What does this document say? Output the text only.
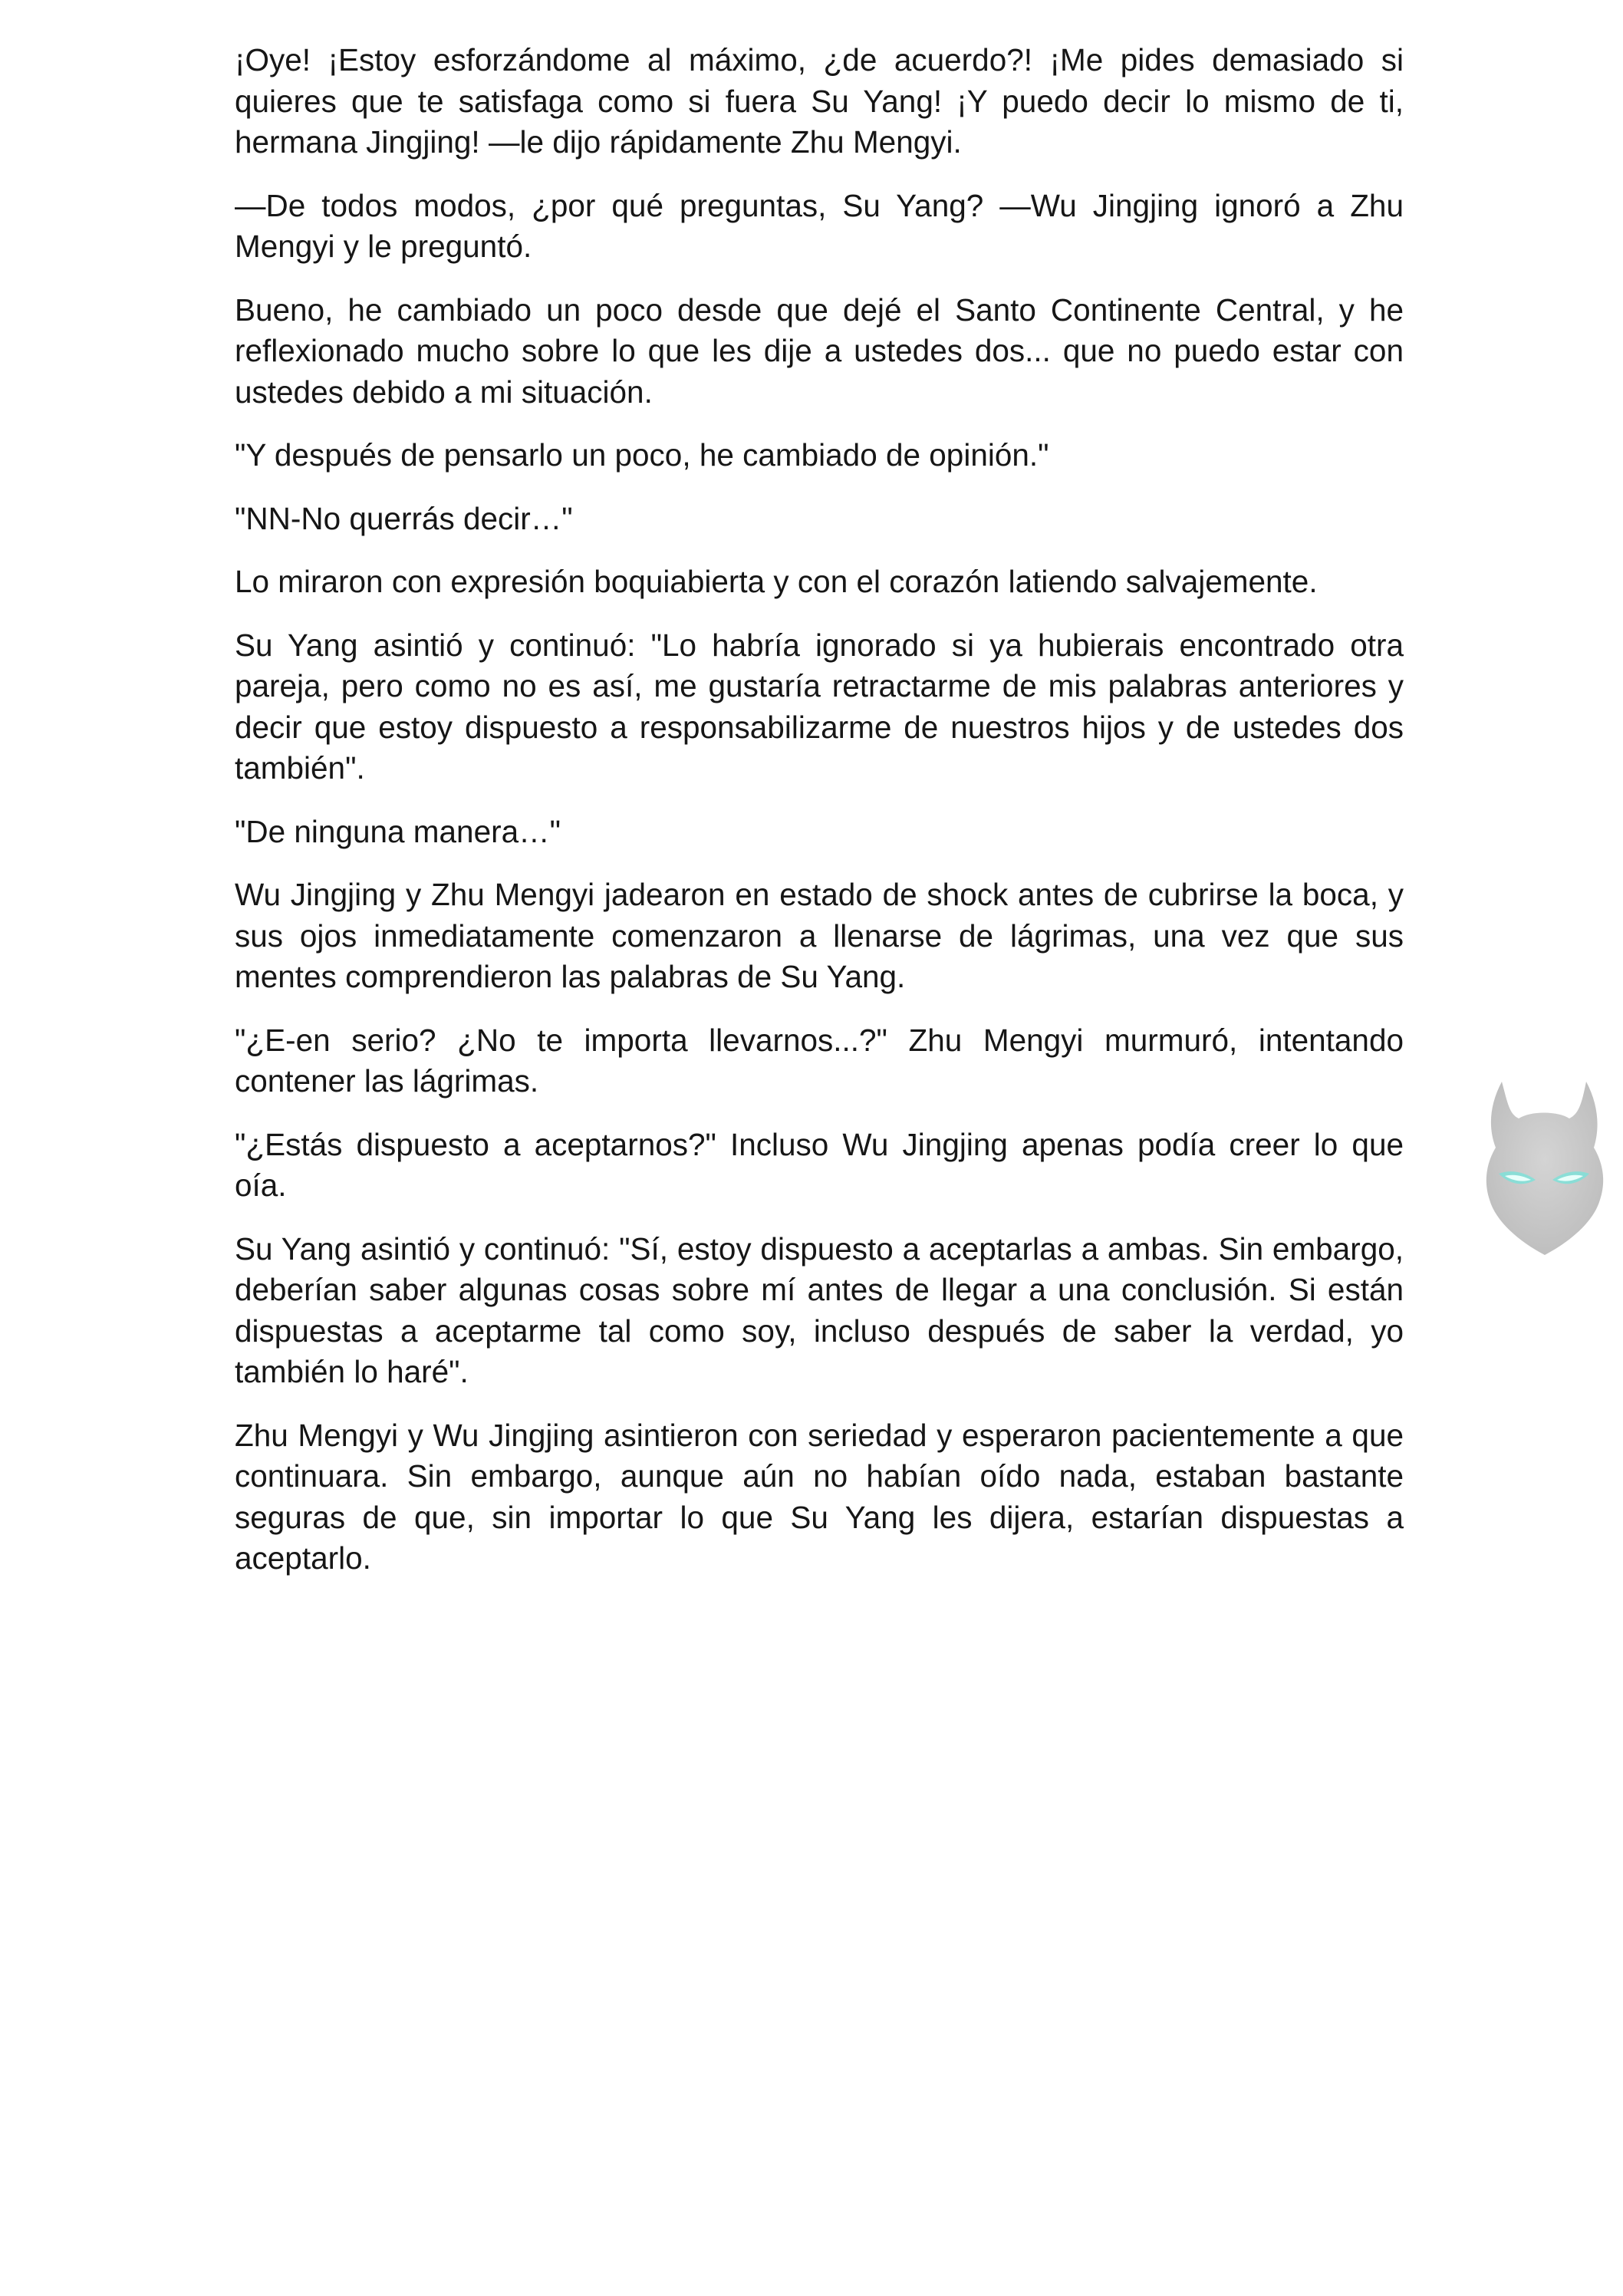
¡Oye! ¡Estoy esforzándome al máximo, ¿de acuerdo?! ¡Me pides demasiado si quieres que te satisfaga como si fuera Su Yang! ¡Y puedo decir lo mismo de ti, hermana Jingjing! —le dijo rápidamente Zhu Mengyi.

—De todos modos, ¿por qué preguntas, Su Yang? —Wu Jingjing ignoró a Zhu Mengyi y le preguntó.

Bueno, he cambiado un poco desde que dejé el Santo Continente Central, y he reflexionado mucho sobre lo que les dije a ustedes dos... que no puedo estar con ustedes debido a mi situación.

"Y después de pensarlo un poco, he cambiado de opinión."

"NN-No querrás decir…"

Lo miraron con expresión boquiabierta y con el corazón latiendo salvajemente.

Su Yang asintió y continuó: "Lo habría ignorado si ya hubierais encontrado otra pareja, pero como no es así, me gustaría retractarme de mis palabras anteriores y decir que estoy dispuesto a responsabilizarme de nuestros hijos y de ustedes dos también".

"De ninguna manera…"

Wu Jingjing y Zhu Mengyi jadearon en estado de shock antes de cubrirse la boca, y sus ojos inmediatamente comenzaron a llenarse de lágrimas, una vez que sus mentes comprendieron las palabras de Su Yang.

"¿E-en serio? ¿No te importa llevarnos...?" Zhu Mengyi murmuró, intentando contener las lágrimas.

"¿Estás dispuesto a aceptarnos?" Incluso Wu Jingjing apenas podía creer lo que oía.

Su Yang asintió y continuó: "Sí, estoy dispuesto a aceptarlas a ambas. Sin embargo, deberían saber algunas cosas sobre mí antes de llegar a una conclusión. Si están dispuestas a aceptarme tal como soy, incluso después de saber la verdad, yo también lo haré".

Zhu Mengyi y Wu Jingjing asintieron con seriedad y esperaron pacientemente a que continuara. Sin embargo, aunque aún no habían oído nada, estaban bastante seguras de que, sin importar lo que Su Yang les dijera, estarían dispuestas a aceptarlo.
